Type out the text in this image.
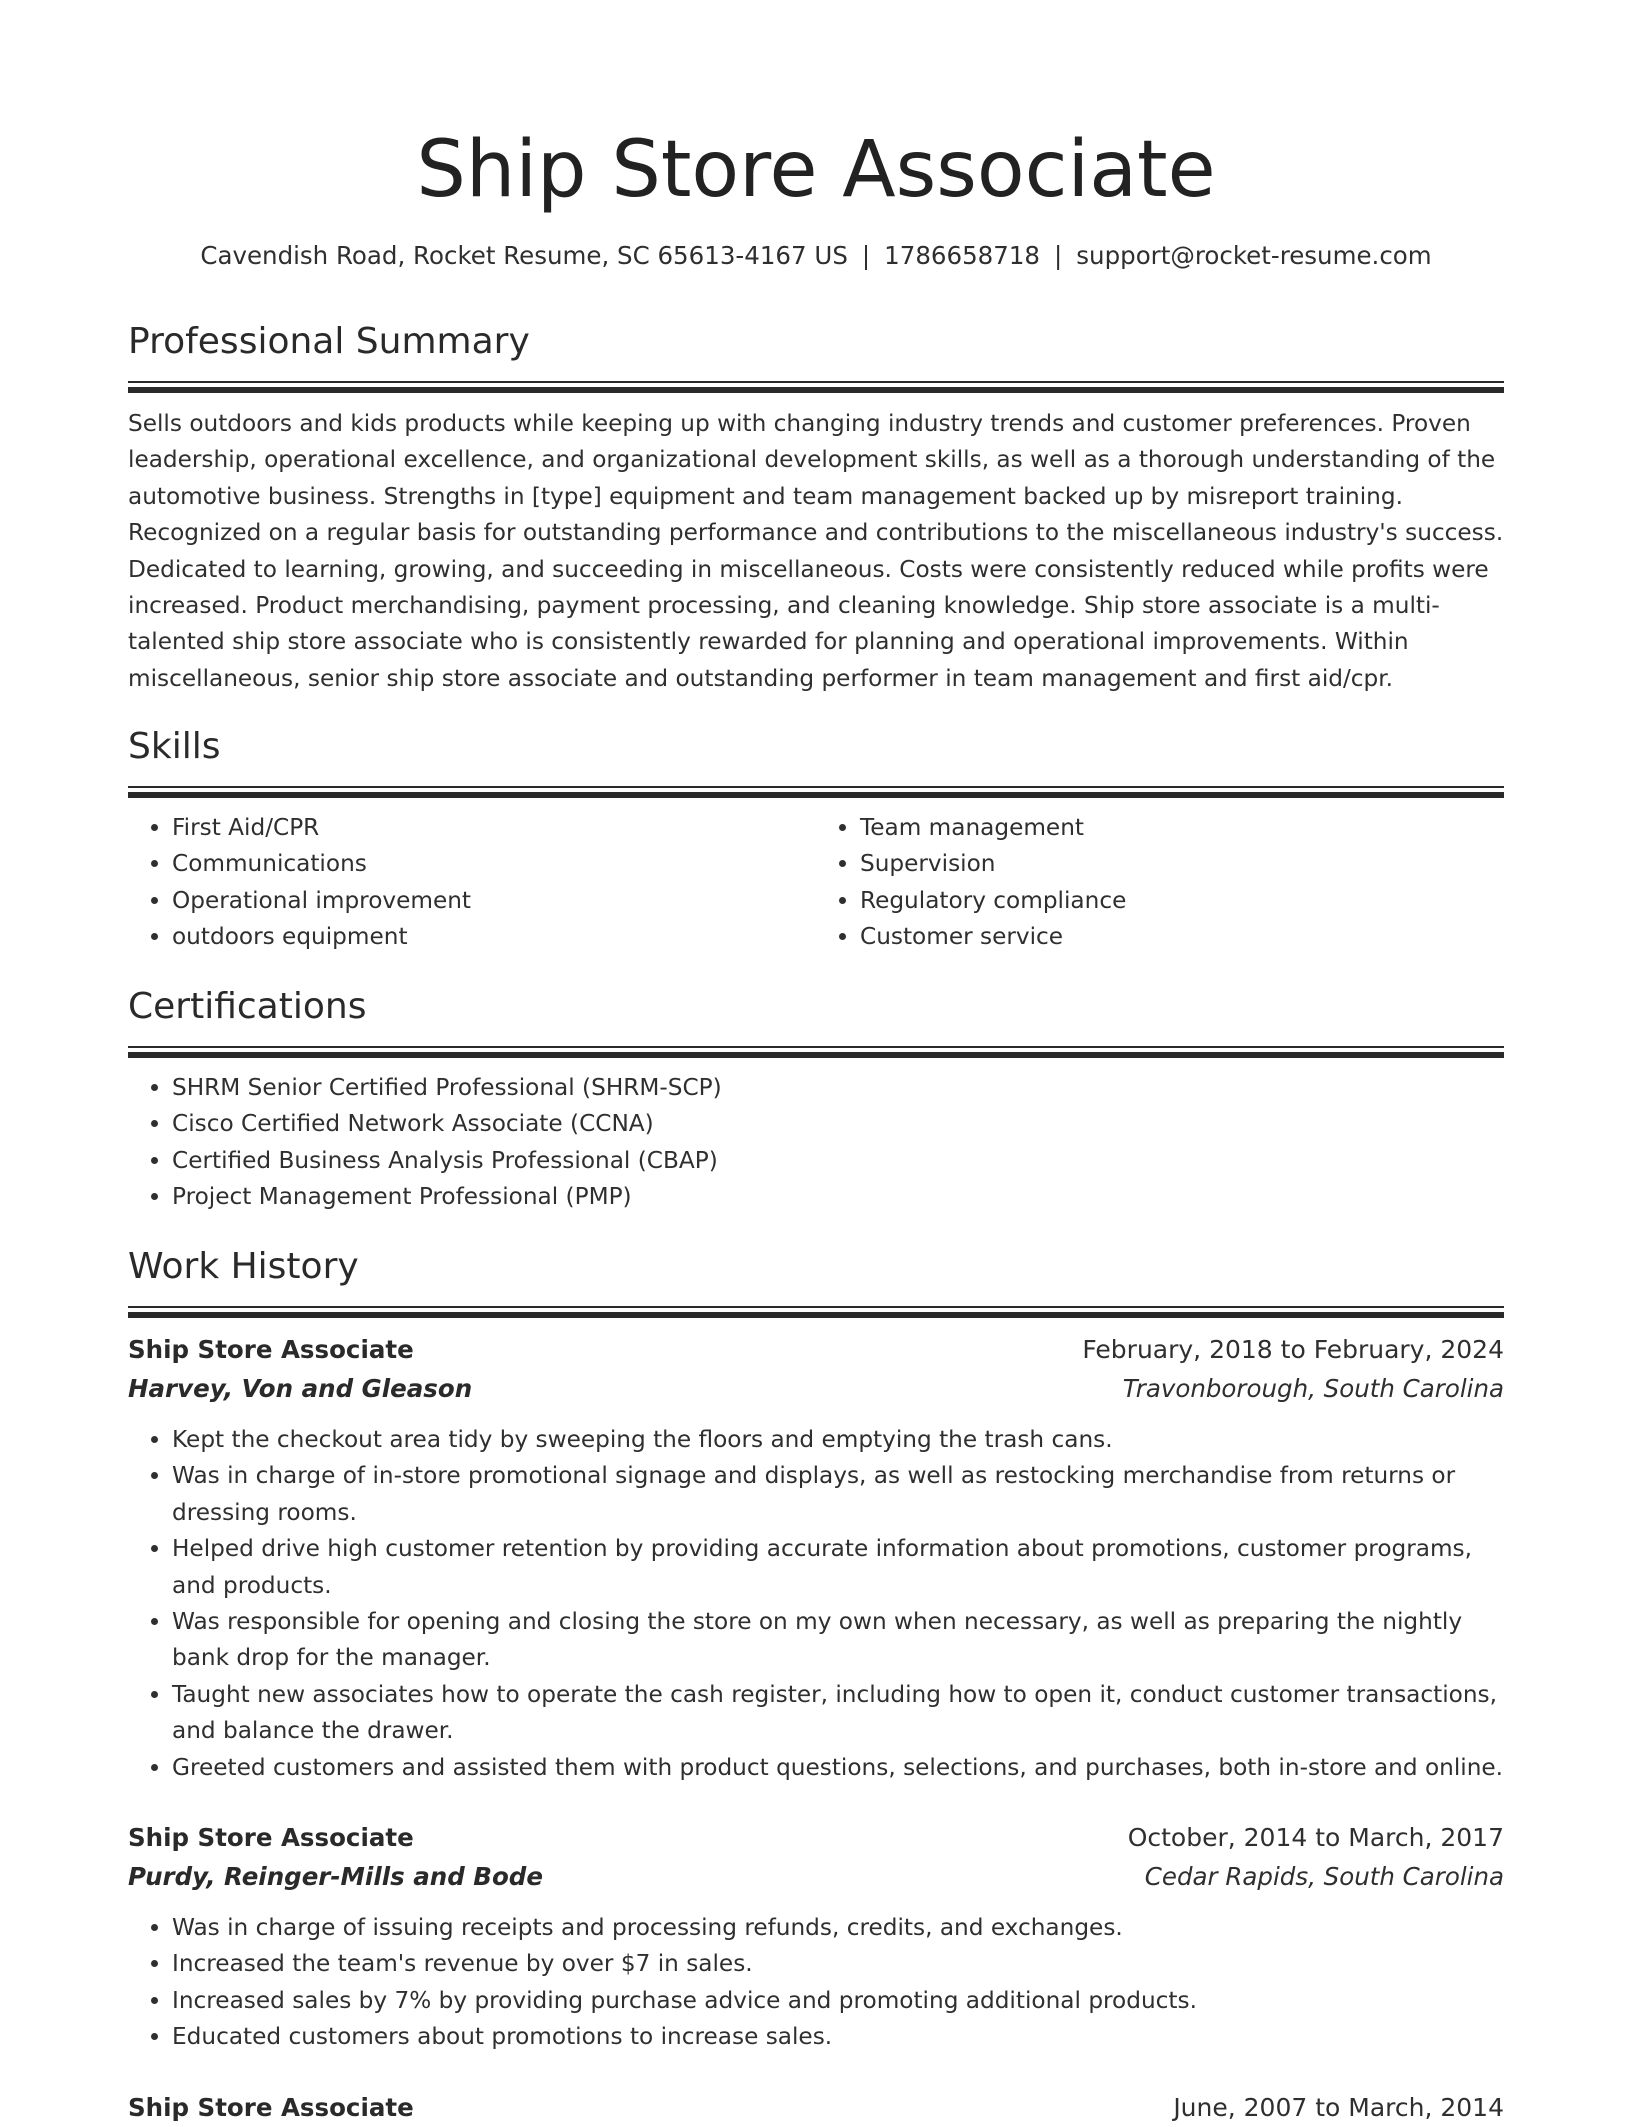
Ship Store Associate
Cavendish Road, Rocket Resume, SC 65613-4167 US | 1786658718 | support@rocket-resume.com
Professional Summary

Sells outdoors and kids products while keeping up with changing industry trends and customer preferences. Proven leadership, operational excellence, and organizational development skills, as well as a thorough understanding of the automotive business. Strengths in [type] equipment and team management backed up by misreport training. Recognized on a regular basis for outstanding performance and contributions to the miscellaneous industry's success. Dedicated to learning, growing, and succeeding in miscellaneous. Costs were consistently reduced while profits were increased. Product merchandising, payment processing, and cleaning knowledge. Ship store associate is a multi-talented ship store associate who is consistently rewarded for planning and operational improvements. Within miscellaneous, senior ship store associate and outstanding performer in team management and first aid/cpr.

Skills
• First Aid/CPR
• Communications
• Operational improvement
• outdoors equipment
• Team management
• Supervision
• Regulatory compliance
• Customer service
Certifications
• SHRM Senior Certified Professional (SHRM-SCP)
• Cisco Certified Network Associate (CCNA)
• Certified Business Analysis Professional (CBAP)
• Project Management Professional (PMP)
Work History
Ship Store Associate	February, 2018 to February, 2024
Harvey, Von and Gleason	Travonborough, South Carolina
• Kept the checkout area tidy by sweeping the floors and emptying the trash cans.
• Was in charge of in-store promotional signage and displays, as well as restocking merchandise from returns or dressing rooms.
• Helped drive high customer retention by providing accurate information about promotions, customer programs, and products.
• Was responsible for opening and closing the store on my own when necessary, as well as preparing the nightly bank drop for the manager.
• Taught new associates how to operate the cash register, including how to open it, conduct customer transactions, and balance the drawer.
• Greeted customers and assisted them with product questions, selections, and purchases, both in-store and online.
Ship Store Associate	October, 2014 to March, 2017
Purdy, Reinger-Mills and Bode	Cedar Rapids, South Carolina
• Was in charge of issuing receipts and processing refunds, credits, and exchanges.
• Increased the team's revenue by over $7 in sales.
• Increased sales by 7% by providing purchase advice and promoting additional products.
• Educated customers about promotions to increase sales.
Ship Store Associate	June, 2007 to March, 2014
